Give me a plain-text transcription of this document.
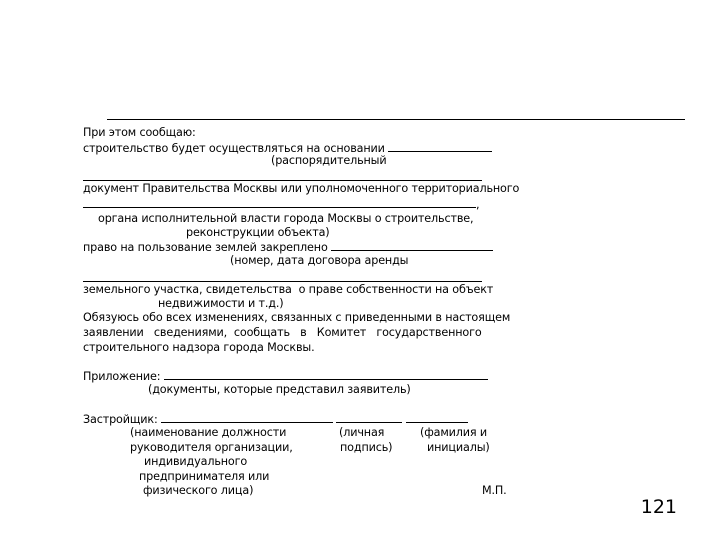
При этом сообщаю:
строительство будет осуществляться на основании
(распорядительный
документ Правительства Москвы или уполномоченного территориального
,
органа исполнительной власти города Москвы о строительстве,
реконструкции объекта)
право на пользование землей закреплено
(номер, дата договора аренды
земельного участка, свидетельства  о праве собственности на объект
недвижимости и т.д.)
Обязуюсь обо всех изменениях, связанных с приведенными в настоящем
заявлении   сведениями,  сообщать   в   Комитет   государственного
строительного надзора города Москвы.
Приложение:
(документы, которые представил заявитель)
Застройщик:
(наименование должности
руководителя организации,
индивидуального
предпринимателя или
физического лица)
(личная
подпись)
(фамилия и
инициалы)
М.П.
121
